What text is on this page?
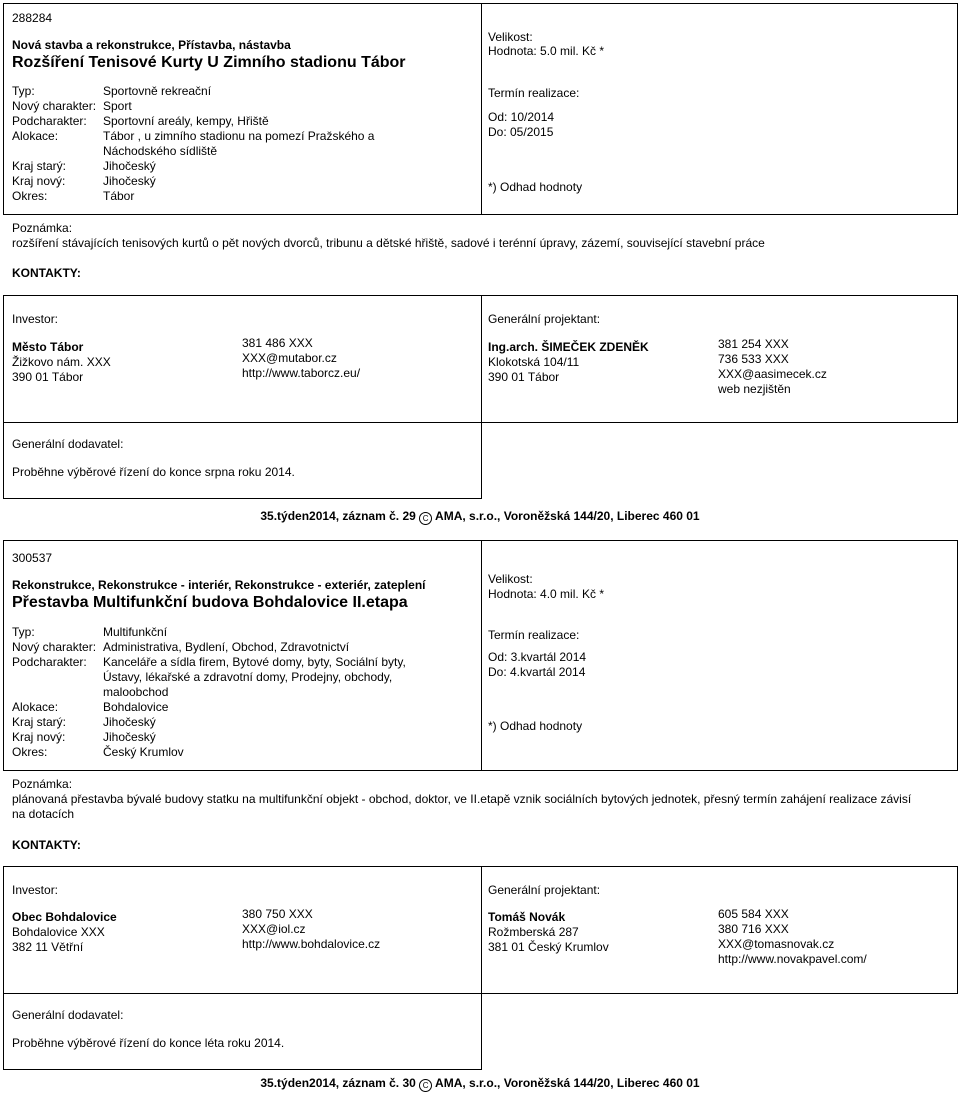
288284
Nová stavba a rekonstrukce, Přístavba, nástavba
Rozšíření Tenisové Kurty U Zimního stadionu Tábor
Typ:	Sportovně rekreační
Nový charakter: Sport
Podcharakter:	Sportovní areály, kempy, Hřiště
Alokace:	Tábor , u zimního stadionu na pomezí Pražského a Náchodského sídliště
Kraj starý:	Jihočeský
Kraj nový:	Jihočeský
Okres:	Tábor
Velikost:
Hodnota: 5.0 mil. Kč *
Termín realizace:
Od: 10/2014
Do: 05/2015
*) Odhad hodnoty
Poznámka:
rozšíření stávajících tenisových kurtů o pět nových dvorců, tribunu a dětské hřiště, sadové i terénní úpravy, zázemí, související stavební práce
KONTAKTY:
Investor:
Město Tábor
Žižkovo nám. XXX
390 01 Tábor
381 486 XXX
XXX@mutabor.cz
http://www.taborcz.eu/
Generální projektant:
Ing.arch. ŠIMEČEK ZDENĚK
Klokotská 104/11
390 01 Tábor
381 254 XXX
736 533 XXX
XXX@aasimecek.cz
web nezjištěn
Generální dodavatel:
Proběhne výběrové řízení do konce srpna roku 2014.
35.týden2014, záznam č. 29 C AMA, s.r.o., Voroněžská 144/20, Liberec 460 01
300537
Rekonstrukce, Rekonstrukce - interiér, Rekonstrukce - exteriér, zateplení
Přestavba Multifunkční budova Bohdalovice II.etapa
Typ:	Multifunkční
Nový charakter: Administrativa, Bydlení, Obchod, Zdravotnictví
Podcharakter:	Kanceláře a sídla firem, Bytové domy, byty, Sociální byty, Ústavy, lékařské a zdravotní domy, Prodejny, obchody, maloobchod
Alokace:	Bohdalovice
Kraj starý:	Jihočeský
Kraj nový:	Jihočeský
Okres:	Český Krumlov
Velikost:
Hodnota: 4.0 mil. Kč *
Termín realizace:
Od: 3.kvartál 2014
Do: 4.kvartál 2014
*) Odhad hodnoty
Poznámka:
plánovaná přestavba bývalé budovy statku na multifunkční objekt - obchod, doktor, ve II.etapě vznik sociálních bytových jednotek, přesný termín zahájení realizace závisí na dotacích
KONTAKTY:
Investor:
Obec Bohdalovice
Bohdalovice XXX
382 11 Větřní
380 750 XXX
XXX@iol.cz
http://www.bohdalovice.cz
Generální projektant:
Tomáš Novák
Rožmberská 287
381 01 Český Krumlov
605 584 XXX
380 716 XXX
XXX@tomasnovak.cz
http://www.novakpavel.com/
Generální dodavatel:
Proběhne výběrové řízení do konce léta roku 2014.
35.týden2014, záznam č. 30 C AMA, s.r.o., Voroněžská 144/20, Liberec 460 01
